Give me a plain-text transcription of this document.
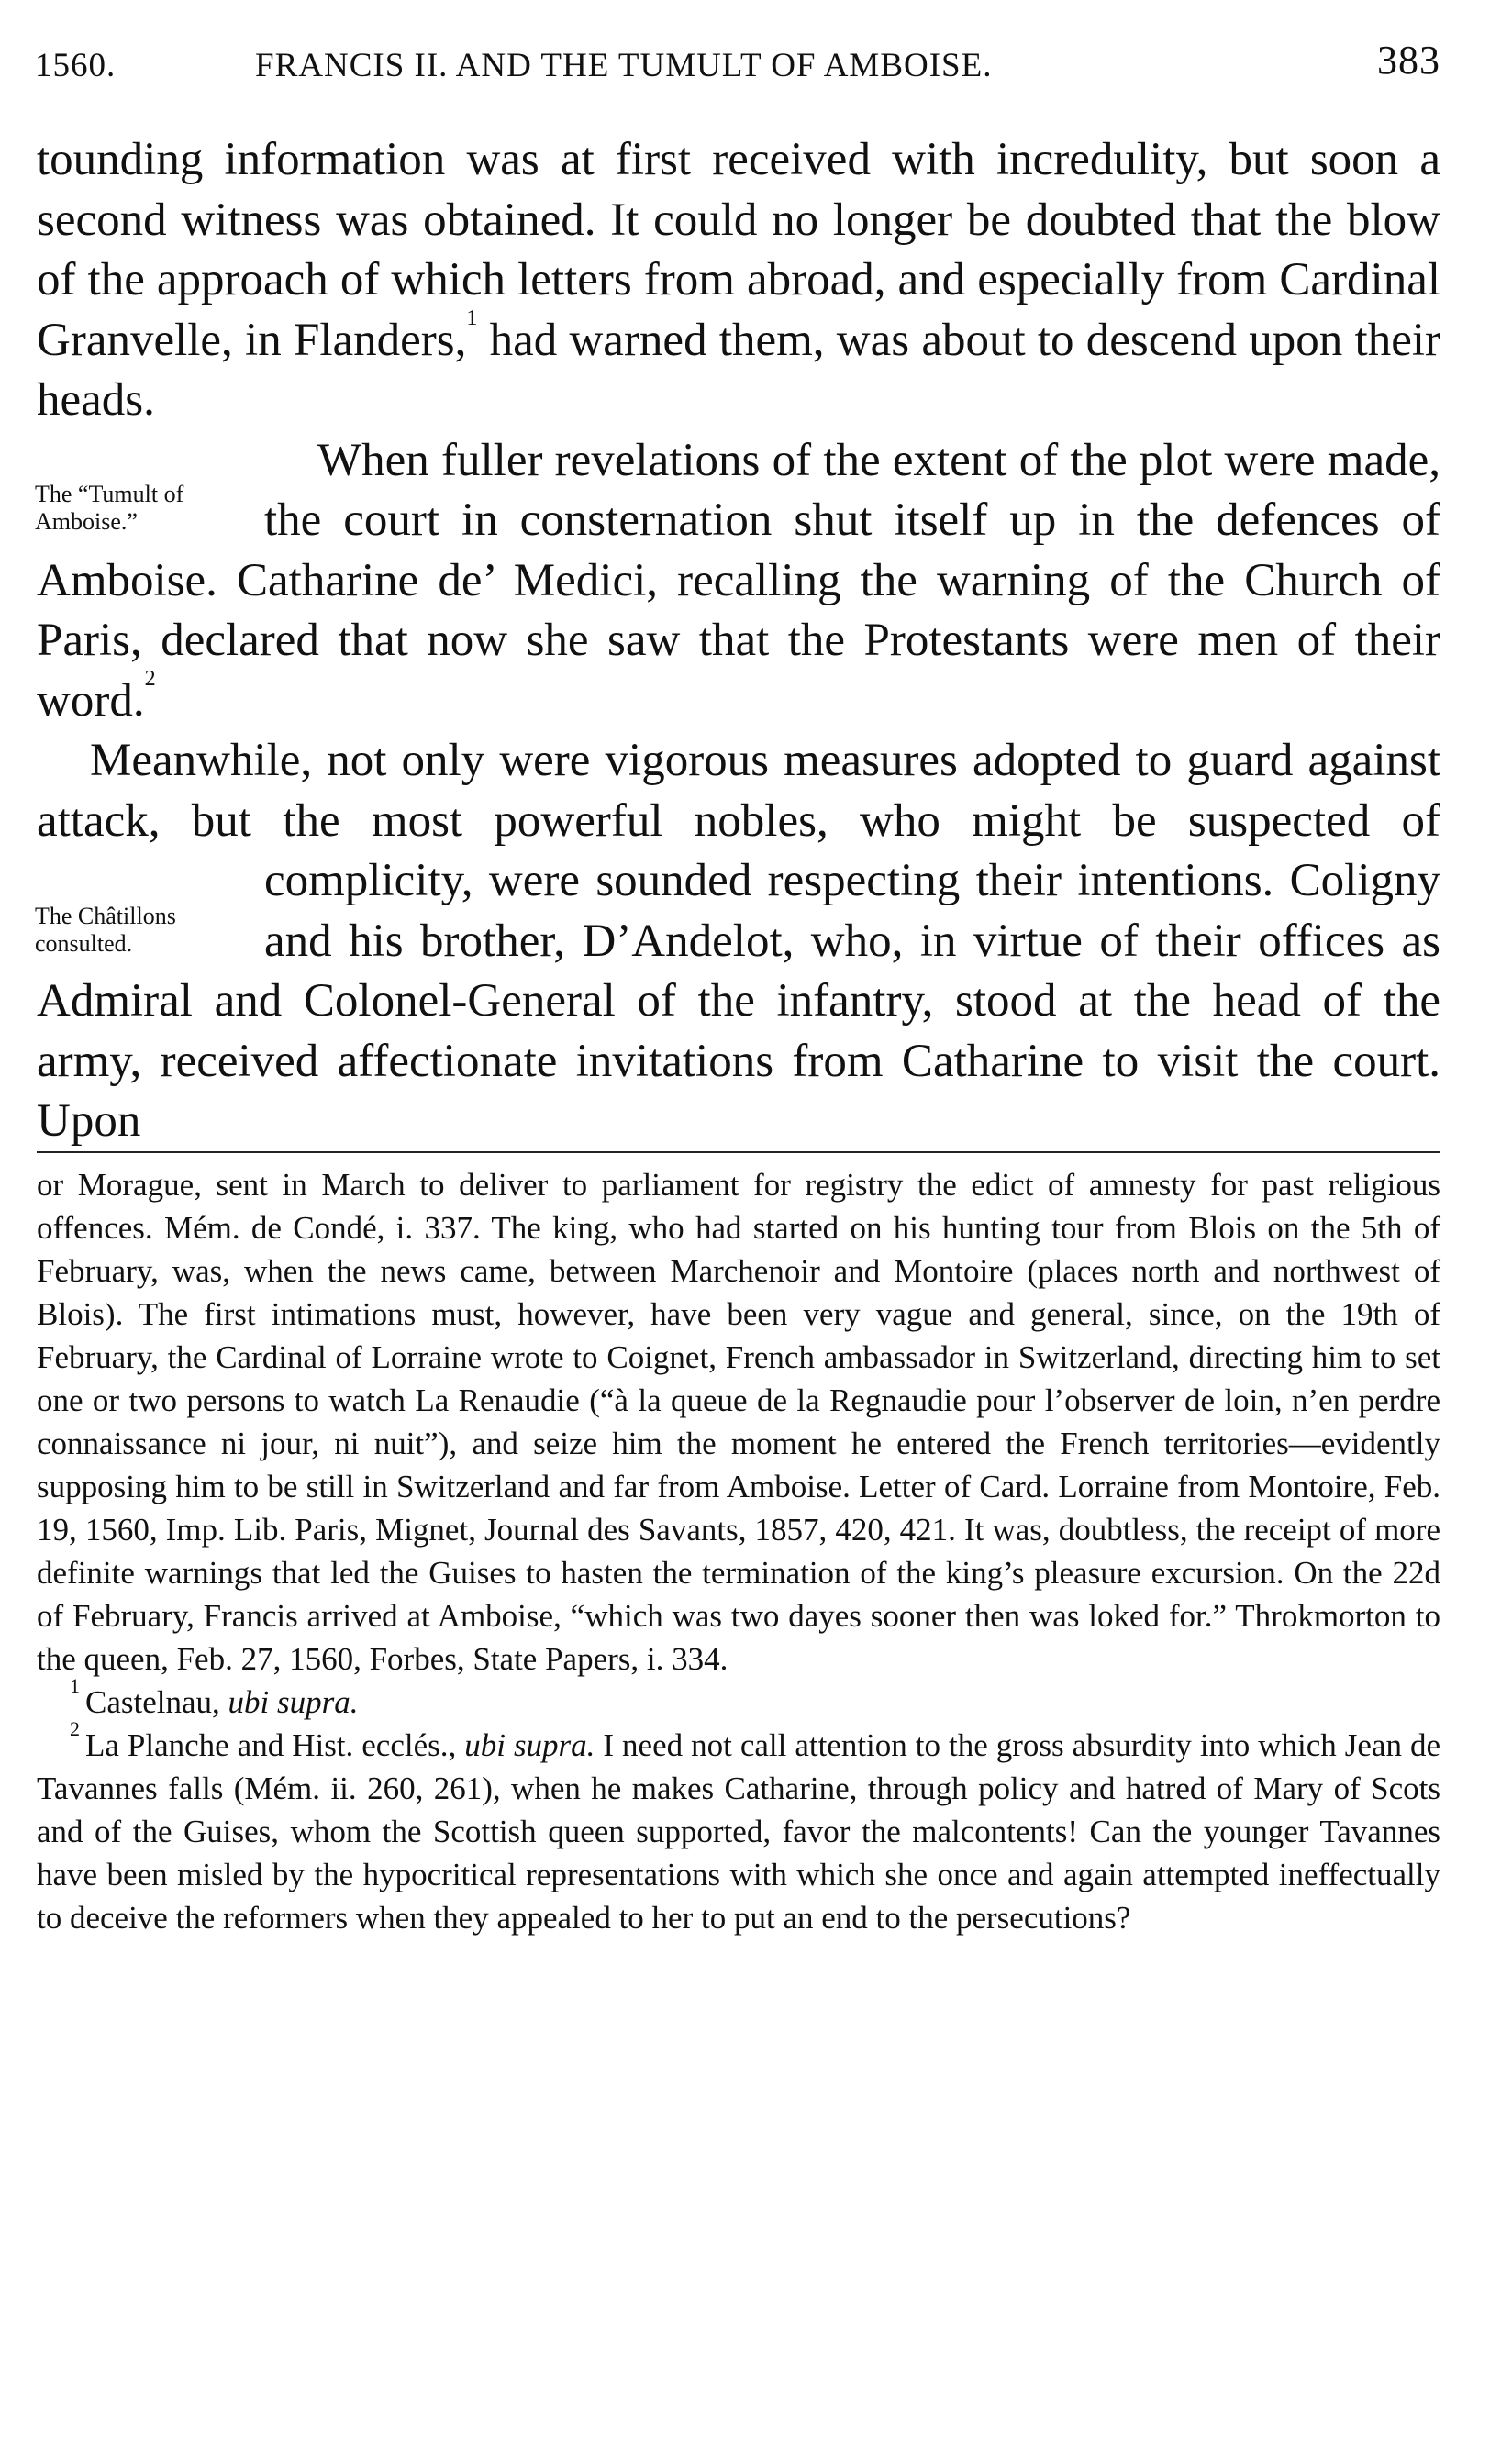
1560.	FRANCIS II. AND THE TUMULT OF AMBOISE.	383

tounding information was at first received with incredulity, but soon a second witness was obtained. It could no longer be doubted that the blow of the approach of which letters from abroad, and especially from Cardinal Granvelle, in Flanders,$^1$ had warned them, was about to descend upon their heads.

The “Tumult of Amboise.”
When fuller revelations of the extent of the plot were made, the court in consternation shut itself up in the defences of Amboise. Catharine de’ Medici, recalling the warning of the Church of Paris, declared that now she saw that the Protestants were men of their word.$^2$

Meanwhile, not only were vigorous measures adopted to guard against attack, but the most powerful nobles, who might be suspected of complicity, were sounded respecting their intentions.
The Châtillons consulted.
Coligny and his brother, D’Andelot, who, in virtue of their offices as Admiral and Colonel-General of the infantry, stood at the head of the army, received affectionate invitations from Catharine to visit the court. Upon

or Morague, sent in March to deliver to parliament for registry the edict of amnesty for past religious offences. Mém. de Condé, i. 337. The king, who had started on his hunting tour from Blois on the 5th of February, was, when the news came, between Marchenoir and Montoire (places north and northwest of Blois). The first intimations must, however, have been very vague and general, since, on the 19th of February, the Cardinal of Lorraine wrote to Coignet, French ambassador in Switzerland, directing him to set one or two persons to watch La Renaudie (“à la queue de la Regnaudie pour l’observer de loin, n’en perdre connaissance ni jour, ni nuit”), and seize him the moment he entered the French territories—evidently supposing him to be still in Switzerland and far from Amboise. Letter of Card. Lorraine from Montoire, Feb. 19, 1560, Imp. Lib. Paris, Mignet, Journal des Savants, 1857, 420, 421. It was, doubtless, the receipt of more definite warnings that led the Guises to hasten the termination of the king’s pleasure excursion. On the 22d of February, Francis arrived at Amboise, “which was two dayes sooner then was loked for.” Throkmorton to the queen, Feb. 27, 1560, Forbes, State Papers, i. 334.

$^1$ Castelnau, ubi supra.

$^2$ La Planche and Hist. ecclés., ubi supra. I need not call attention to the gross absurdity into which Jean de Tavannes falls (Mém. ii. 260, 261), when he makes Catharine, through policy and hatred of Mary of Scots and of the Guises, whom the Scottish queen supported, favor the malcontents! Can the younger Tavannes have been misled by the hypocritical representations with which she once and again attempted ineffectually to deceive the reformers when they appealed to her to put an end to the persecutions?
